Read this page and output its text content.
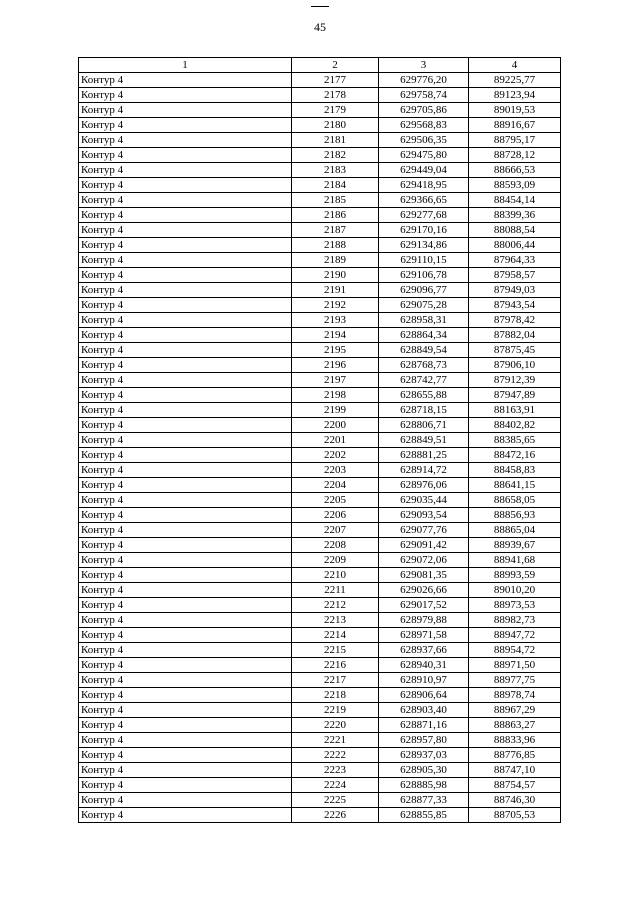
45
1	2	3	4
Контур 4	2177	629776,20	89225,77
Контур 4	2178	629758,74	89123,94
Контур 4	2179	629705,86	89019,53
Контур 4	2180	629568,83	88916,67
Контур 4	2181	629506,35	88795,17
Контур 4	2182	629475,80	88728,12
Контур 4	2183	629449,04	88666,53
Контур 4	2184	629418,95	88593,09
Контур 4	2185	629366,65	88454,14
Контур 4	2186	629277,68	88399,36
Контур 4	2187	629170,16	88088,54
Контур 4	2188	629134,86	88006,44
Контур 4	2189	629110,15	87964,33
Контур 4	2190	629106,78	87958,57
Контур 4	2191	629096,77	87949,03
Контур 4	2192	629075,28	87943,54
Контур 4	2193	628958,31	87978,42
Контур 4	2194	628864,34	87882,04
Контур 4	2195	628849,54	87875,45
Контур 4	2196	628768,73	87906,10
Контур 4	2197	628742,77	87912,39
Контур 4	2198	628655,88	87947,89
Контур 4	2199	628718,15	88163,91
Контур 4	2200	628806,71	88402,82
Контур 4	2201	628849,51	88385,65
Контур 4	2202	628881,25	88472,16
Контур 4	2203	628914,72	88458,83
Контур 4	2204	628976,06	88641,15
Контур 4	2205	629035,44	88658,05
Контур 4	2206	629093,54	88856,93
Контур 4	2207	629077,76	88865,04
Контур 4	2208	629091,42	88939,67
Контур 4	2209	629072,06	88941,68
Контур 4	2210	629081,35	88993,59
Контур 4	2211	629026,66	89010,20
Контур 4	2212	629017,52	88973,53
Контур 4	2213	628979,88	88982,73
Контур 4	2214	628971,58	88947,72
Контур 4	2215	628937,66	88954,72
Контур 4	2216	628940,31	88971,50
Контур 4	2217	628910,97	88977,75
Контур 4	2218	628906,64	88978,74
Контур 4	2219	628903,40	88967,29
Контур 4	2220	628871,16	88863,27
Контур 4	2221	628957,80	88833,96
Контур 4	2222	628937,03	88776,85
Контур 4	2223	628905,30	88747,10
Контур 4	2224	628885,98	88754,57
Контур 4	2225	628877,33	88746,30
Контур 4	2226	628855,85	88705,53
